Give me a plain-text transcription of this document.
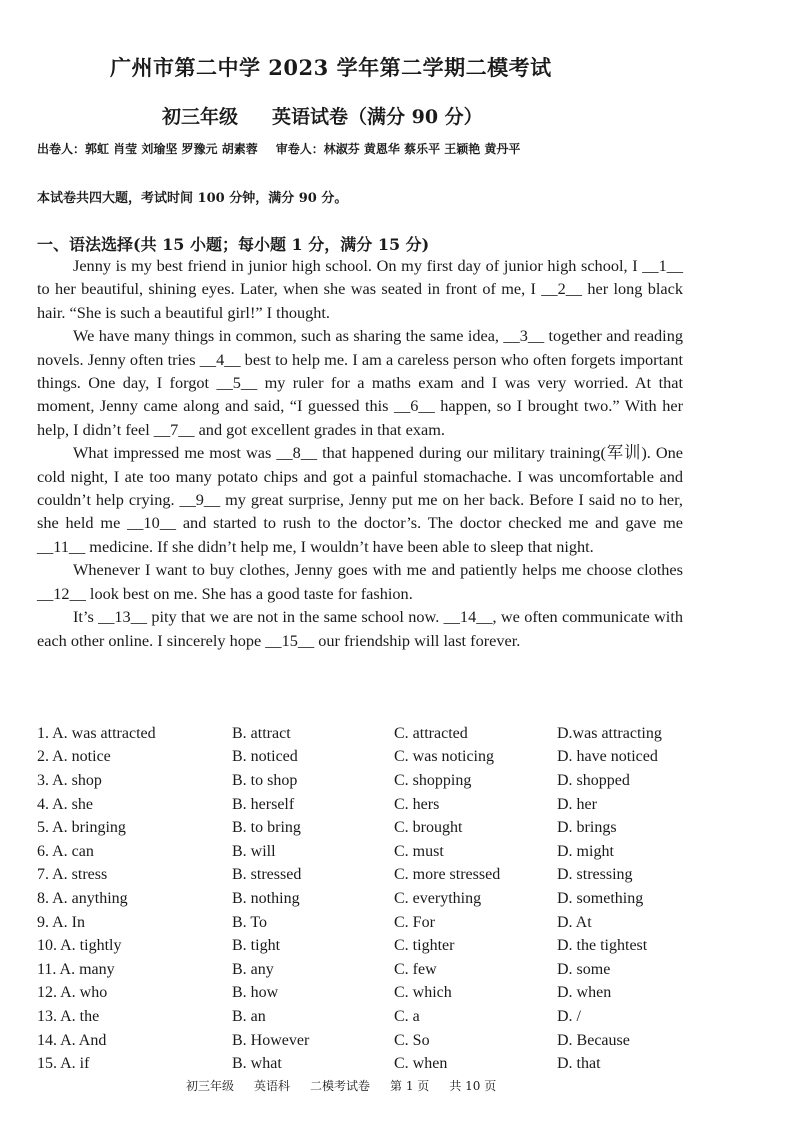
广州市第二中学 2023 学年第二学期二模考试
初三年级 英语试卷（满分 90 分）
出卷人：郭虹 肖莹 刘瑜坚 罗豫元 胡素蓉 审卷人：林淑芬 黄恩华 蔡乐平 王颖艳 黄丹平
本试卷共四大题，考试时间 100 分钟，满分 90 分。
一、语法选择(共 15 小题；每小题 1 分，满分 15 分)

Jenny is my best friend in junior high school. On my first day of junior high school, I __1__ to her beautiful, shining eyes. Later, when she was seated in front of me, I __2__ her long black hair. “She is such a beautiful girl!” I thought.

We have many things in common, such as sharing the same idea, __3__ together and reading novels. Jenny often tries __4__ best to help me. I am a careless person who often forgets important things. One day, I forgot __5__ my ruler for a maths exam and I was very worried. At that moment, Jenny came along and said, “I guessed this __6__ happen, so I brought two.” With her help, I didn’t feel __7__ and got excellent grades in that exam.

What impressed me most was __8__ that happened during our military training(军训). One cold night, I ate too many potato chips and got a painful stomachache. I was uncomfortable and couldn’t help crying. __9__ my great surprise, Jenny put me on her back. Before I said no to her, she held me __10__ and started to rush to the doctor’s. The doctor checked me and gave me __11__ medicine. If she didn’t help me, I wouldn’t have been able to sleep that night.

Whenever I want to buy clothes, Jenny goes with me and patiently helps me choose clothes __12__ look best on me. She has a good taste for fashion.

It’s __13__ pity that we are not in the same school now. __14__, we often communicate with each other online. I sincerely hope __15__ our friendship will last forever.

1. A. was attracted	B. attract	C. attracted	D.was attracting
2. A. notice	B. noticed	C. was noticing	D. have noticed
3. A. shop	B. to shop	C. shopping	D. shopped
4. A. she	B. herself	C. hers	D. her
5. A. bringing	B. to bring	C. brought	D. brings
6. A. can	B. will	C. must	D. might
7. A. stress	B. stressed	C. more stressed	D. stressing
8. A. anything	B. nothing	C. everything	D. something
9. A. In	B. To	C. For	D. At
10. A. tightly	B. tight	C. tighter	D. the tightest
11. A. many	B. any	C. few	D. some
12. A. who	B. how	C. which	D. when
13. A. the	B. an	C. a	D. /
14. A. And	B. However	C. So	D. Because
15. A. if	B. what	C. when	D. that
初三年级 英语科 二模考试卷 第 1 页 共 10 页
